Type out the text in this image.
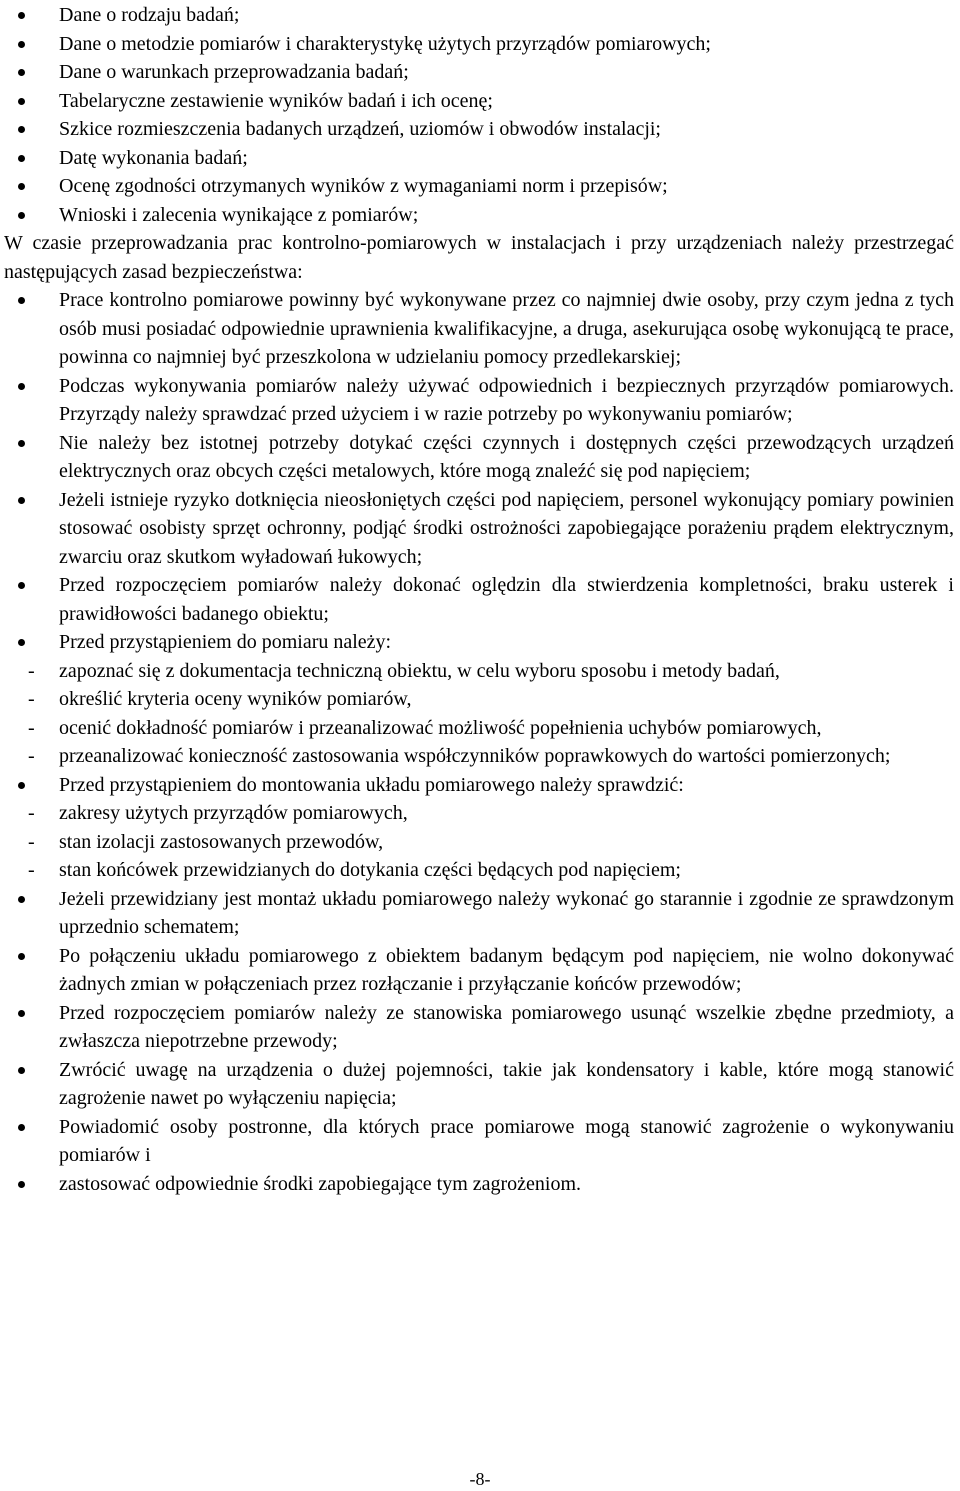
Dane o rodzaju badań;
Dane o metodzie pomiarów i charakterystykę użytych przyrządów pomiarowych;
Dane o warunkach przeprowadzania badań;
Tabelaryczne zestawienie wyników badań i ich ocenę;
Szkice rozmieszczenia badanych urządzeń, uziomów i obwodów instalacji;
Datę wykonania badań;
Ocenę zgodności otrzymanych wyników z wymaganiami norm i przepisów;
Wnioski i zalecenia wynikające z pomiarów;

W czasie przeprowadzania prac kontrolno-pomiarowych w instalacjach i przy urządzeniach należy przestrzegać następujących zasad bezpieczeństwa:

Prace kontrolno pomiarowe powinny być wykonywane przez co najmniej dwie osoby, przy czym jedna z tych osób musi posiadać odpowiednie uprawnienia kwalifikacyjne, a druga, asekurująca osobę wykonującą te prace, powinna co najmniej być przeszkolona w udzielaniu pomocy przedlekarskiej;
Podczas wykonywania pomiarów należy używać odpowiednich i bezpiecznych przyrządów pomiarowych. Przyrządy należy sprawdzać przed użyciem i w razie potrzeby po wykonywaniu pomiarów;
Nie należy bez istotnej potrzeby dotykać części czynnych i dostępnych części przewodzących urządzeń elektrycznych oraz obcych części metalowych, które mogą znaleźć się pod napięciem;
Jeżeli istnieje ryzyko dotknięcia nieosłoniętych części pod napięciem, personel wykonujący pomiary powinien stosować osobisty sprzęt ochronny, podjąć środki ostrożności zapobiegające porażeniu prądem elektrycznym, zwarciu oraz skutkom wyładowań łukowych;
Przed rozpoczęciem pomiarów należy dokonać oględzin dla stwierdzenia kompletności, braku usterek i prawidłowości badanego obiektu;
Przed przystąpieniem do pomiaru należy:
- zapoznać się z dokumentacja techniczną obiektu, w celu wyboru sposobu i metody badań,
- określić kryteria oceny wyników pomiarów,
- ocenić dokładność pomiarów i przeanalizować możliwość popełnienia uchybów pomiarowych,
- przeanalizować konieczność zastosowania współczynników poprawkowych do wartości pomierzonych;
Przed przystąpieniem do montowania układu pomiarowego należy sprawdzić:
- zakresy użytych przyrządów pomiarowych,
- stan izolacji zastosowanych przewodów,
- stan końcówek przewidzianych do dotykania części będących pod napięciem;
Jeżeli przewidziany jest montaż układu pomiarowego należy wykonać go starannie i zgodnie ze sprawdzonym uprzednio schematem;
Po połączeniu układu pomiarowego z obiektem badanym będącym pod napięciem, nie wolno dokonywać żadnych zmian w połączeniach przez rozłączanie i przyłączanie końców przewodów;
Przed rozpoczęciem pomiarów należy ze stanowiska pomiarowego usunąć wszelkie zbędne przedmioty, a zwłaszcza niepotrzebne przewody;
Zwrócić uwagę na urządzenia o dużej pojemności, takie jak kondensatory i kable, które mogą stanowić zagrożenie nawet po wyłączeniu napięcia;
Powiadomić osoby postronne, dla których prace pomiarowe mogą stanowić zagrożenie o wykonywaniu pomiarów i
zastosować odpowiednie środki zapobiegające tym zagrożeniom.
-8-
